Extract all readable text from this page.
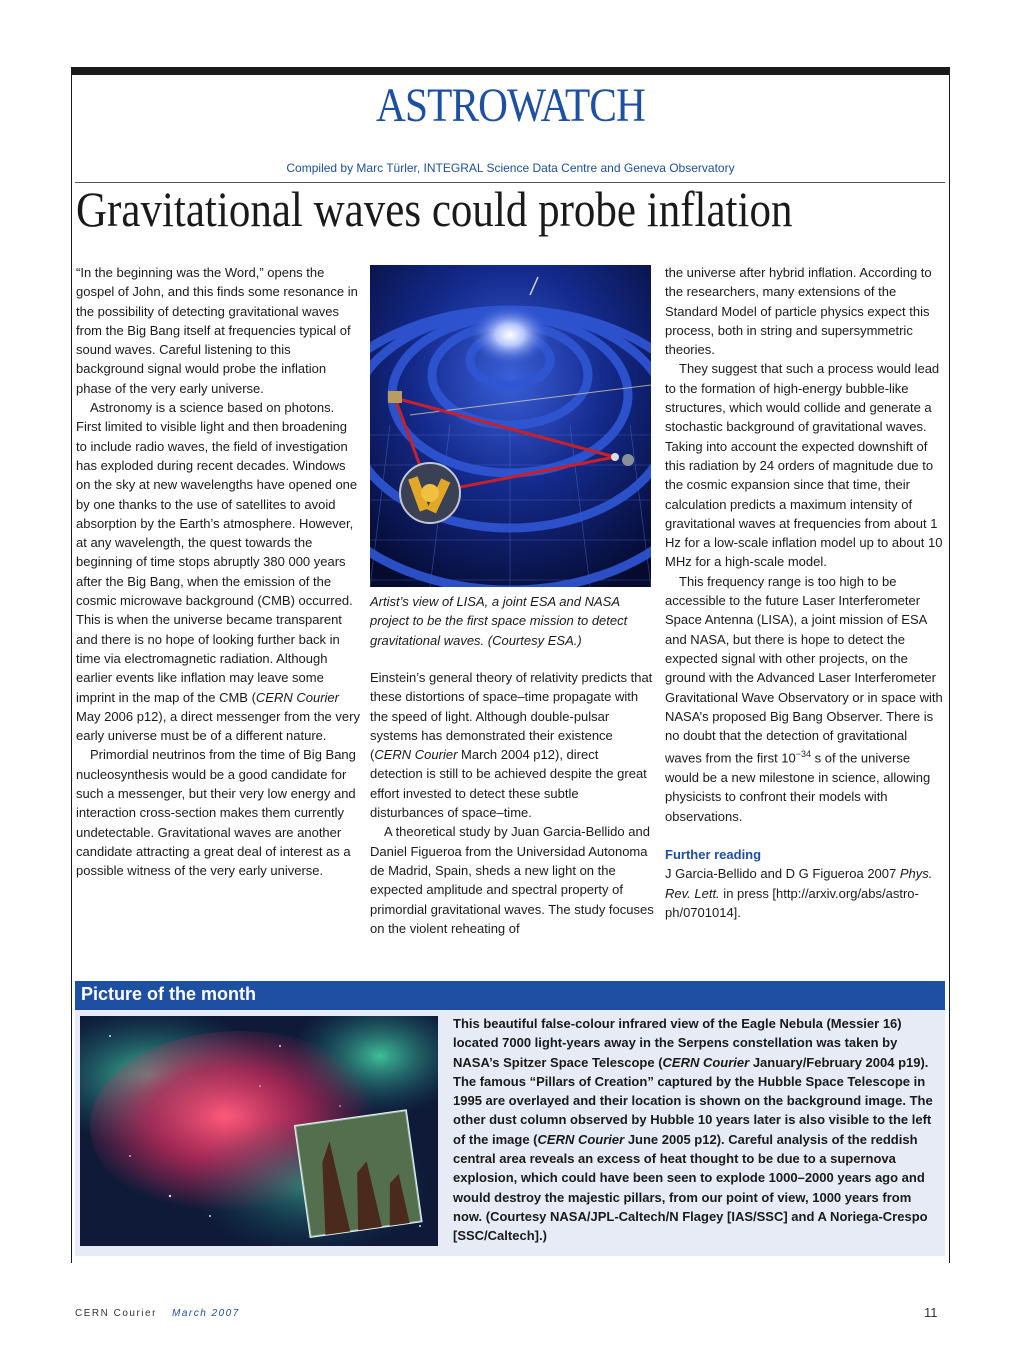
ASTROWATCH
Compiled by Marc Türler, INTEGRAL Science Data Centre and Geneva Observatory
Gravitational waves could probe inflation

“In the beginning was the Word,” opens the gospel of John, and this finds some resonance in the possibility of detecting gravitational waves from the Big Bang itself at frequencies typical of sound waves. Careful listening to this background signal would probe the inflation phase of the very early universe.

Astronomy is a science based on photons. First limited to visible light and then broadening to include radio waves, the field of investigation has exploded during recent decades. Windows on the sky at new wavelengths have opened one by one thanks to the use of satellites to avoid absorption by the Earth’s atmosphere. However, at any wavelength, the quest towards the beginning of time stops abruptly 380 000 years after the Big Bang, when the emission of the cosmic microwave background (CMB) occurred. This is when the universe became transparent and there is no hope of looking further back in time via electromagnetic radiation. Although earlier events like inflation may leave some imprint in the map of the CMB (CERN Courier May 2006 p12), a direct messenger from the very early universe must be of a different nature.

Primordial neutrinos from the time of Big Bang nucleosynthesis would be a good candidate for such a messenger, but their very low energy and interaction cross-section makes them currently undetectable. Gravitational waves are another candidate attracting a great deal of interest as a possible witness of the very early universe.

Artist’s view of LISA, a joint ESA and NASA project to be the first space mission to detect gravitational waves. (Courtesy ESA.)

Einstein’s general theory of relativity predicts that these distortions of space–time propagate with the speed of light. Although double-pulsar systems has demonstrated their existence (CERN Courier March 2004 p12), direct detection is still to be achieved despite the great effort invested to detect these subtle disturbances of space–time.

A theoretical study by Juan Garcia-Bellido and Daniel Figueroa from the Universidad Autonoma de Madrid, Spain, sheds a new light on the expected amplitude and spectral property of primordial gravitational waves. The study focuses on the violent reheating of

the universe after hybrid inflation. According to the researchers, many extensions of the Standard Model of particle physics expect this process, both in string and supersymmetric theories.

They suggest that such a process would lead to the formation of high-energy bubble-like structures, which would collide and generate a stochastic background of gravitational waves. Taking into account the expected downshift of this radiation by 24 orders of magnitude due to the cosmic expansion since that time, their calculation predicts a maximum intensity of gravitational waves at frequencies from about 1 Hz for a low-scale inflation model up to about 10 MHz for a high-scale model.

This frequency range is too high to be accessible to the future Laser Interferometer Space Antenna (LISA), a joint mission of ESA and NASA, but there is hope to detect the expected signal with other projects, on the ground with the Advanced Laser Interferometer Gravitational Wave Observatory or in space with NASA’s proposed Big Bang Observer. There is no doubt that the detection of gravitational waves from the first $10^{-34}$ s of the universe would be a new milestone in science, allowing physicists to confront their models with observations.

Further reading

J Garcia-Bellido and D G Figueroa 2007 Phys. Rev. Lett. in press [http://arxiv.org/abs/astro-ph/0701014].

Picture of the month
This beautiful false-colour infrared view of the Eagle Nebula (Messier 16) located 7000 light-years away in the Serpens constellation was taken by NASA’s Spitzer Space Telescope (CERN Courier January/February 2004 p19). The famous “Pillars of Creation” captured by the Hubble Space Telescope in 1995 are overlayed and their location is shown on the background image. The other dust column observed by Hubble 10 years later is also visible to the left of the image (CERN Courier June 2005 p12). Careful analysis of the reddish central area reveals an excess of heat thought to be due to a supernova explosion, which could have been seen to explode 1000–2000 years ago and would destroy the majestic pillars, from our point of view, 1000 years from now. (Courtesy NASA/JPL-Caltech/N Flagey [IAS/SSC] and A Noriega-Crespo [SSC/Caltech].)
CERN Courier March 2007	11
